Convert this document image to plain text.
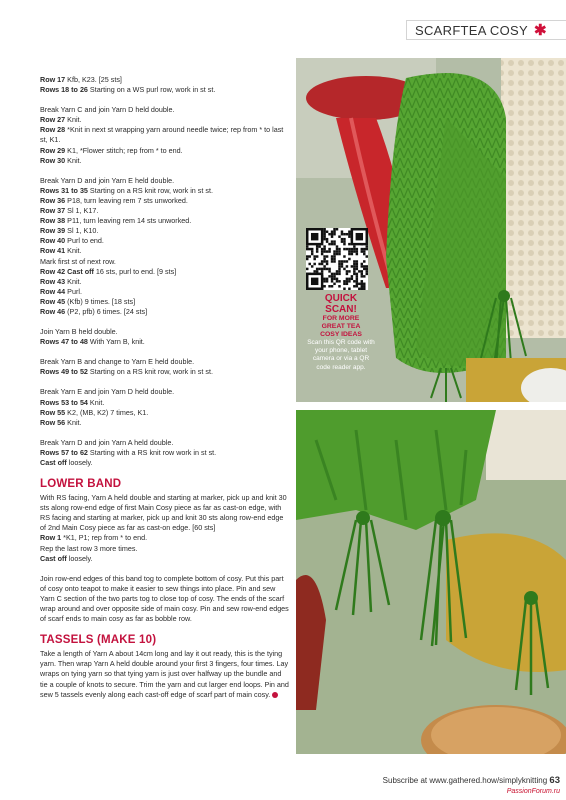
SCARFTEA COSY ✱

Row 17 Kfb, K23. [25 sts]
Rows 18 to 26 Starting on a WS purl row, work in st st.

Break Yarn C and join Yarn D held double.
Row 27 Knit.
Row 28 *Knit in next st wrapping yarn around needle twice; rep from * to last st, K1.
Row 29 K1, *Flower stitch; rep from * to end.
Row 30 Knit.

Break Yarn D and join Yarn E held double.
Rows 31 to 35 Starting on a RS knit row, work in st st.
Row 36 P18, turn leaving rem 7 sts unworked.
Row 37 Sl 1, K17.
Row 38 P11, turn leaving rem 14 sts unworked.
Row 39 Sl 1, K10.
Row 40 Purl to end.
Row 41 Knit.
Mark first st of next row.
Row 42 Cast off 16 sts, purl to end. [9 sts]
Row 43 Knit.
Row 44 Purl.
Row 45 (Kfb) 9 times. [18 sts]
Row 46 (P2, pfb) 6 times. [24 sts]

Join Yarn B held double.
Rows 47 to 48 With Yarn B, knit.

Break Yarn B and change to Yarn E held double.
Rows 49 to 52 Starting on a RS knit row, work in st st.

Break Yarn E and join Yarn D held double.
Rows 53 to 54 Knit.
Row 55 K2, (MB, K2) 7 times, K1.
Row 56 Knit.

Break Yarn D and join Yarn A held double.
Rows 57 to 62 Starting with a RS knit row work in st st.
Cast off loosely.

LOWER BAND

With RS facing, Yarn A held double and starting at marker, pick up and knit 30 sts along row-end edge of first Main Cosy piece as far as cast-on edge, with RS facing and starting at marker, pick up and knit 30 sts along row-end edge of 2nd Main Cosy piece as far as cast-on edge. [60 sts]
Row 1 *K1, P1; rep from * to end.
Rep the last row 3 more times.
Cast off loosely.

Join row-end edges of this band tog to complete bottom of cosy. Put this part of cosy onto teapot to make it easier to sew things into place. Pin and sew Yarn C section of the two parts tog to close top of cosy. The ends of the scarf wrap around and over opposite side of main cosy. Pin and sew row-end edges of scarf ends to main cosy as far as bobble row.

TASSELS (MAKE 10)

Take a length of Yarn A about 14cm long and lay it out ready, this is the tying yarn. Then wrap Yarn A held double around your first 3 fingers, four times. Lay wraps on tying yarn so that tying yarn is just over halfway up the bundle and tie a couple of knots to secure. Trim the yarn and cut larger end loops. Pin and sew 5 tassels evenly along each cast-off edge of scarf part of main cosy.

QUICK
SCAN!
FOR MORE
GREAT TEA
COSY IDEAS
Scan this QR code with your phone, tablet camera or via a QR code reader app.
Subscribe at www.gathered.how/simplyknitting 63
PassionForum.ru
